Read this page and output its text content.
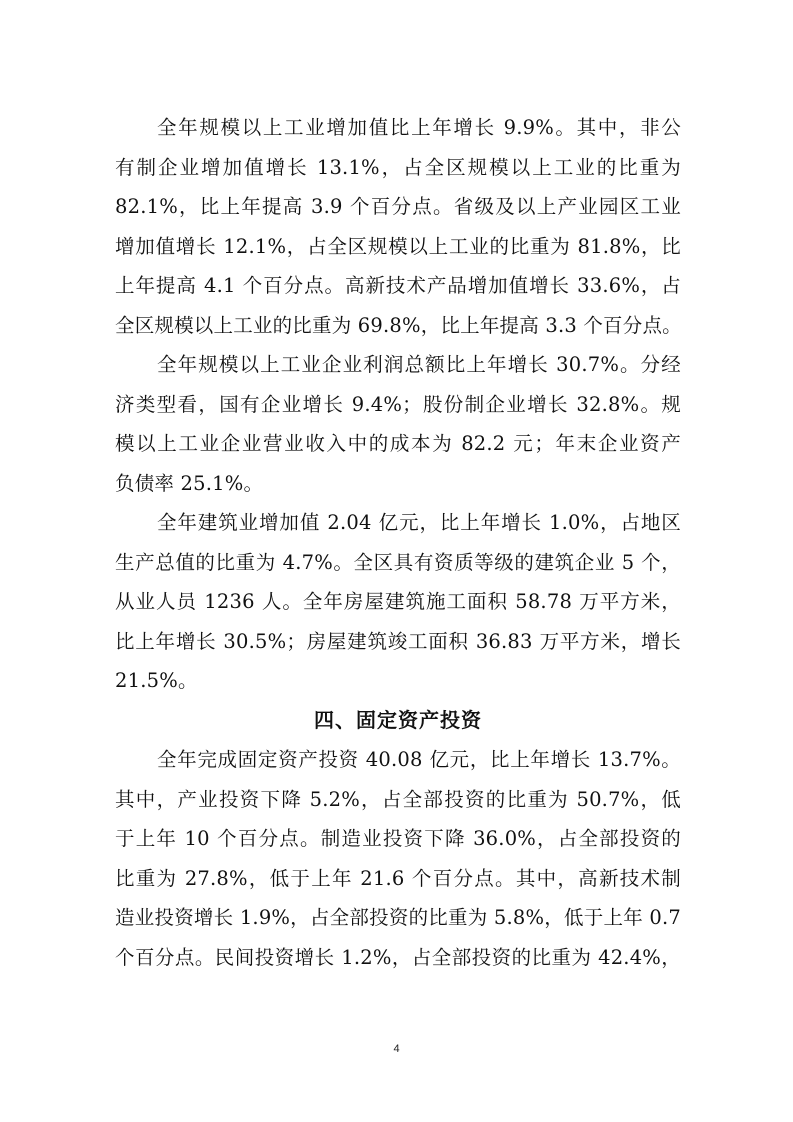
全年规模以上工业增加值比上年增长 9.9%。其中，非公
有制企业增加值增长 13.1%，占全区规模以上工业的比重为
82.1%，比上年提高 3.9 个百分点。省级及以上产业园区工业
增加值增长 12.1%，占全区规模以上工业的比重为 81.8%，比
上年提高 4.1 个百分点。高新技术产品增加值增长 33.6%，占
全区规模以上工业的比重为 69.8%，比上年提高 3.3 个百分点。
全年规模以上工业企业利润总额比上年增长 30.7%。分经
济类型看，国有企业增长 9.4%；股份制企业增长 32.8%。规
模以上工业企业营业收入中的成本为 82.2 元；年末企业资产
负债率 25.1%。
全年建筑业增加值 2.04 亿元，比上年增长 1.0%，占地区
生产总值的比重为 4.7%。全区具有资质等级的建筑企业 5 个，
从业人员 1236 人。全年房屋建筑施工面积 58.78 万平方米，
比上年增长 30.5%；房屋建筑竣工面积 36.83 万平方米，增长
21.5%。
四、固定资产投资
全年完成固定资产投资 40.08 亿元，比上年增长 13.7%。
其中，产业投资下降 5.2%，占全部投资的比重为 50.7%，低
于上年 10 个百分点。制造业投资下降 36.0%，占全部投资的
比重为 27.8%，低于上年 21.6 个百分点。其中，高新技术制
造业投资增长 1.9%，占全部投资的比重为 5.8%，低于上年 0.7
个百分点。民间投资增长 1.2%，占全部投资的比重为 42.4%，
4
